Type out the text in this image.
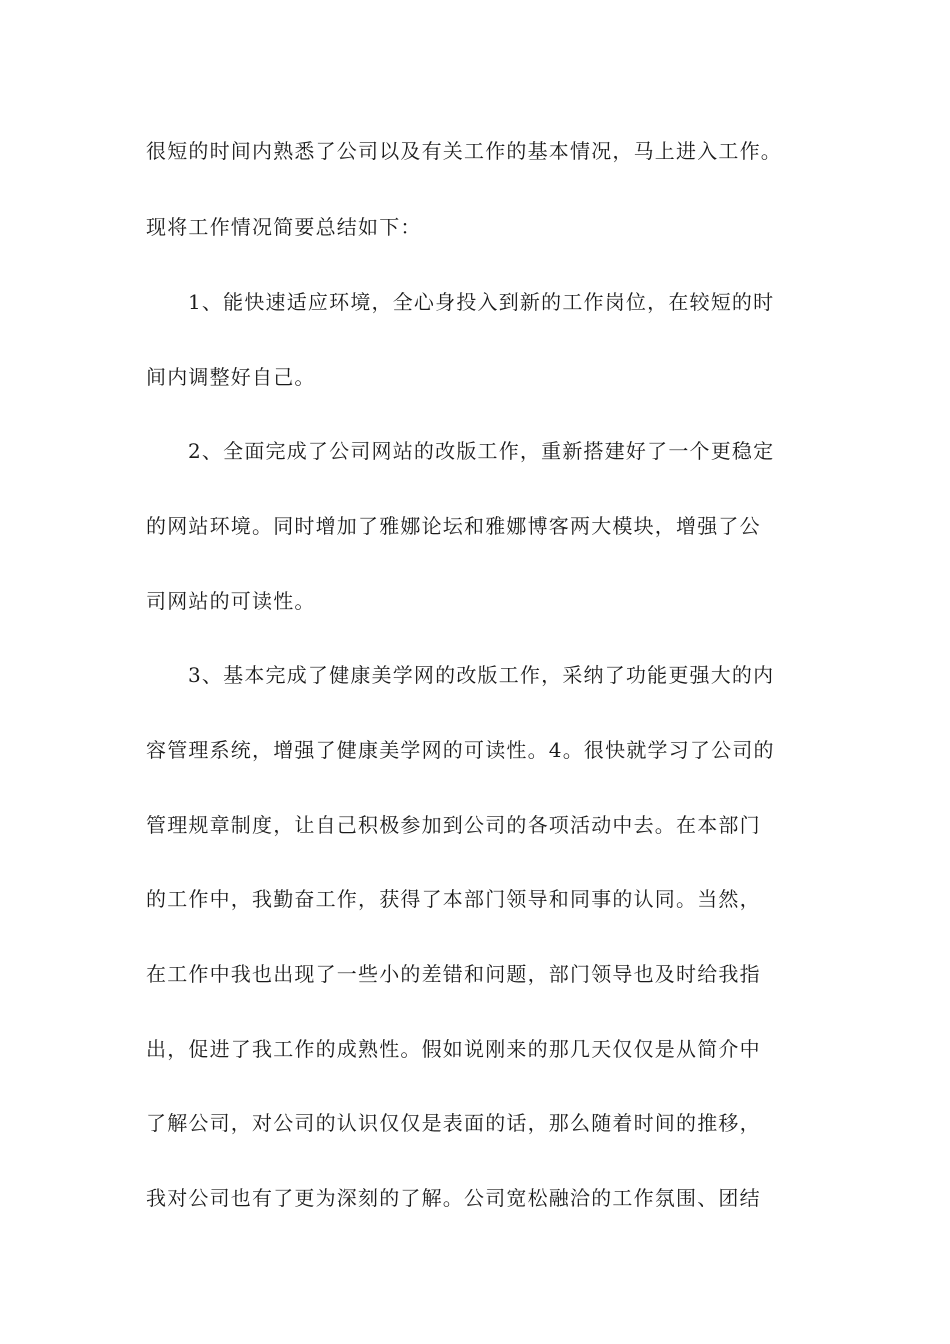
很短的时间内熟悉了公司以及有关工作的基本情况，马上进入工作。
现将工作情况简要总结如下：
1、能快速适应环境，全心身投入到新的工作岗位，在较短的时
间内调整好自己。
2、全面完成了公司网站的改版工作，重新搭建好了一个更稳定
的网站环境。同时增加了雅娜论坛和雅娜博客两大模块，增强了公
司网站的可读性。
3、基本完成了健康美学网的改版工作，采纳了功能更强大的内
容管理系统，增强了健康美学网的可读性。4。很快就学习了公司的
管理规章制度，让自己积极参加到公司的各项活动中去。在本部门
的工作中，我勤奋工作，获得了本部门领导和同事的认同。当然，
在工作中我也出现了一些小的差错和问题，部门领导也及时给我指
出，促进了我工作的成熟性。假如说刚来的那几天仅仅是从简介中
了解公司，对公司的认识仅仅是表面的话，那么随着时间的推移，
我对公司也有了更为深刻的了解。公司宽松融洽的工作氛围、团结
